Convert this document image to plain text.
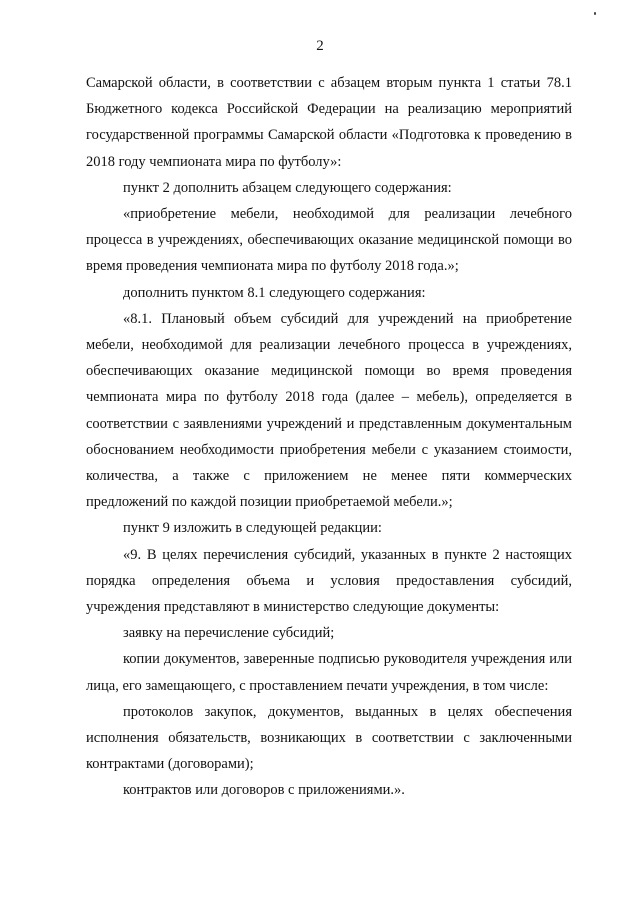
2

Самарской области, в соответствии с абзацем вторым пункта 1 статьи 78.1 Бюджетного кодекса Российской Федерации на реализацию мероприятий государственной программы Самарской области «Подготовка к проведению в 2018 году чемпионата мира по футболу»:

пункт 2 дополнить абзацем следующего содержания:

«приобретение мебели, необходимой для реализации лечебного процесса в учреждениях, обеспечивающих оказание медицинской помощи во время проведения чемпионата мира по футболу 2018 года.»;

дополнить пунктом 8.1 следующего содержания:

«8.1. Плановый объем субсидий для учреждений на приобретение мебели, необходимой для реализации лечебного процесса в учреждениях, обеспечивающих оказание медицинской помощи во время проведения чемпионата мира по футболу 2018 года (далее – мебель), определяется в соответствии с заявлениями учреждений и представленным документальным обоснованием необходимости приобретения мебели с указанием стоимости, количества, а также с приложением не менее пяти коммерческих предложений по каждой позиции приобретаемой мебели.»;

пункт 9 изложить в следующей редакции:

«9. В целях перечисления субсидий, указанных в пункте 2 настоящих порядка определения объема и условия предоставления субсидий, учреждения представляют в министерство следующие документы:

заявку на перечисление субсидий;

копии документов, заверенные подписью руководителя учреждения или лица, его замещающего, с проставлением печати учреждения, в том числе:

протоколов закупок, документов, выданных в целях обеспечения исполнения обязательств, возникающих в соответствии с заключенными контрактами (договорами);

контрактов или договоров с приложениями.».
